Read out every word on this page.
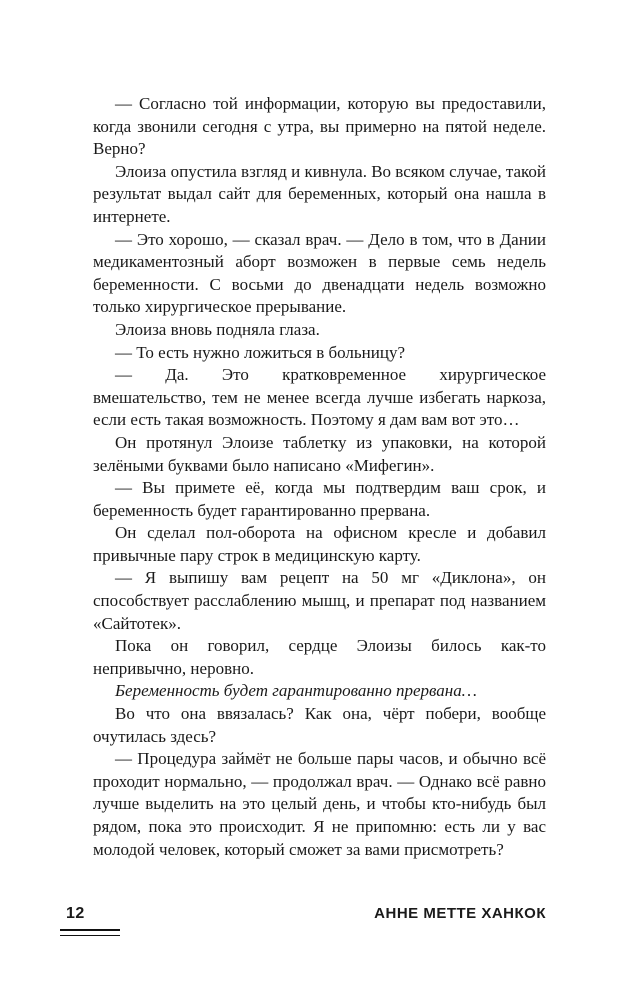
— Согласно той информации, которую вы предоставили, когда звонили сегодня с утра, вы примерно на пятой неделе. Верно?

Элоиза опустила взгляд и кивнула. Во всяком случае, такой результат выдал сайт для беременных, который она нашла в интернете.

— Это хорошо, — сказал врач. — Дело в том, что в Дании медикаментозный аборт возможен в первые семь недель беременности. С восьми до двенадцати недель возможно только хирургическое прерывание.

Элоиза вновь подняла глаза.

— То есть нужно ложиться в больницу?

— Да. Это кратковременное хирургическое вмешательство, тем не менее всегда лучше избегать наркоза, если есть такая возможность. Поэтому я дам вам вот это…

Он протянул Элоизе таблетку из упаковки, на которой зелёными буквами было написано «Мифегин».

— Вы примете её, когда мы подтвердим ваш срок, и беременность будет гарантированно прервана.

Он сделал пол-оборота на офисном кресле и добавил привычные пару строк в медицинскую карту.

— Я выпишу вам рецепт на 50 мг «Диклона», он способствует расслаблению мышц, и препарат под названием «Сайтотек».

Пока он говорил, сердце Элоизы билось как-то непривычно, неровно.

Беременность будет гарантированно прервана…

Во что она ввязалась? Как она, чёрт побери, вообще очутилась здесь?

— Процедура займёт не больше пары часов, и обычно всё проходит нормально, — продолжал врач. — Однако всё равно лучше выделить на это целый день, и чтобы кто-нибудь был рядом, пока это происходит. Я не припомню: есть ли у вас молодой человек, который сможет за вами присмотреть?

12	АННЕ МЕТТЕ ХАНКОК
